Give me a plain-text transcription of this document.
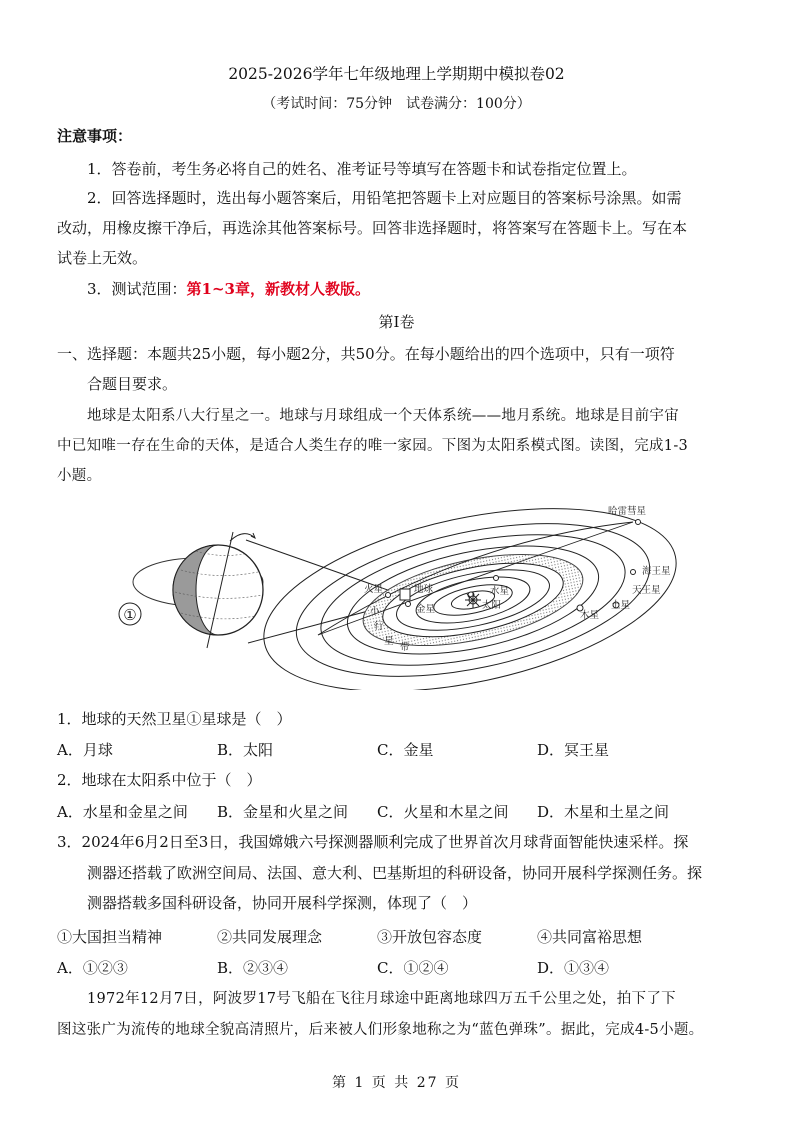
2025-2026学年七年级地理上学期期中模拟卷02
（考试时间：75分钟　试卷满分：100分）
注意事项：
1．答卷前，考生务必将自己的姓名、准考证号等填写在答题卡和试卷指定位置上。
2．回答选择题时，选出每小题答案后，用铅笔把答题卡上对应题目的答案标号涂黑。如需
改动，用橡皮擦干净后，再选涂其他答案标号。回答非选择题时，将答案写在答题卡上。写在本
试卷上无效。
3．测试范围：第1~3章，新教材人教版。
第I卷
一、选择题：本题共25小题，每小题2分，共50分。在每小题给出的四个选项中，只有一项符
合题目要求。
地球是太阳系八大行星之一。地球与月球组成一个天体系统——地月系统。地球是目前宇宙
中已知唯一存在生命的天体，是适合人类生存的唯一家园。下图为太阳系模式图。读图，完成1-3
小题。
①
哈雷彗星
海王星
天王星
土星
木星
火星	地球
金星
水星
太阳
小
行
星
带
1．地球的天然卫星①星球是（　）
A．月球	B．太阳	C．金星	D．冥王星
2．地球在太阳系中位于（　）
A．水星和金星之间 B．金星和火星之间 C．火星和木星之间 D．木星和土星之间
3．2024年6月2日至3日，我国嫦娥六号探测器顺利完成了世界首次月球背面智能快速采样。探
测器还搭载了欧洲空间局、法国、意大利、巴基斯坦的科研设备，协同开展科学探测任务。探
测器搭载多国科研设备，协同开展科学探测，体现了（　）
①大国担当精神	②共同发展理念	③开放包容态度	④共同富裕思想
A．①②③	B．②③④	C．①②④	D．①③④
1972年12月7日，阿波罗17号飞船在飞往月球途中距离地球四万五千公里之处，拍下了下
图这张广为流传的地球全貌高清照片，后来被人们形象地称之为“蓝色弹珠”。据此，完成4-5小题。
第 1 页 共 27 页
